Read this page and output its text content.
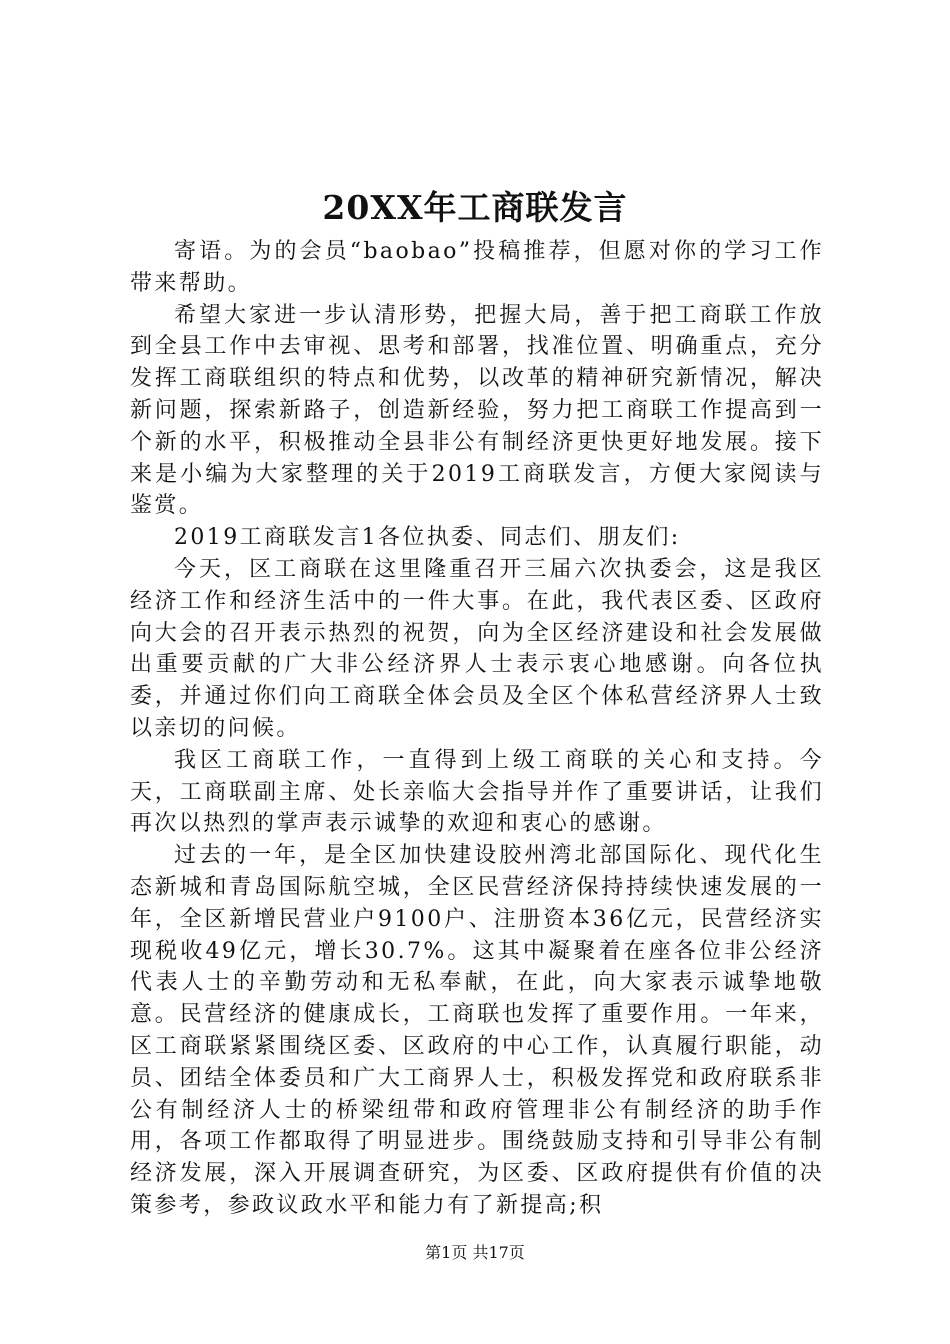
20XX年工商联发言

寄语。为的会员“baobao”投稿推荐，但愿对你的学习工作带来帮助。

希望大家进一步认清形势，把握大局，善于把工商联工作放到全县工作中去审视、思考和部署，找准位置、明确重点，充分发挥工商联组织的特点和优势，以改革的精神研究新情况，解决新问题，探索新路子，创造新经验，努力把工商联工作提高到一个新的水平，积极推动全县非公有制经济更快更好地发展。接下来是小编为大家整理的关于2019工商联发言，方便大家阅读与鉴赏。

2019工商联发言1各位执委、同志们、朋友们:

今天，区工商联在这里隆重召开三届六次执委会，这是我区经济工作和经济生活中的一件大事。在此，我代表区委、区政府向大会的召开表示热烈的祝贺，向为全区经济建设和社会发展做出重要贡献的广大非公经济界人士表示衷心地感谢。向各位执委，并通过你们向工商联全体会员及全区个体私营经济界人士致以亲切的问候。

我区工商联工作，一直得到上级工商联的关心和支持。今天，工商联副主席、处长亲临大会指导并作了重要讲话，让我们再次以热烈的掌声表示诚挚的欢迎和衷心的感谢。

过去的一年，是全区加快建设胶州湾北部国际化、现代化生态新城和青岛国际航空城，全区民营经济保持持续快速发展的一年，全区新增民营业户9100户、注册资本36亿元，民营经济实现税收49亿元，增长30.7%。这其中凝聚着在座各位非公经济代表人士的辛勤劳动和无私奉献，在此，向大家表示诚挚地敬意。民营经济的健康成长，工商联也发挥了重要作用。一年来，区工商联紧紧围绕区委、区政府的中心工作，认真履行职能，动员、团结全体委员和广大工商界人士，积极发挥党和政府联系非公有制经济人士的桥梁纽带和政府管理非公有制经济的助手作用，各项工作都取得了明显进步。围绕鼓励支持和引导非公有制经济发展，深入开展调查研究，为区委、区政府提供有价值的决策参考，参政议政水平和能力有了新提高;积

第1页 共17页
